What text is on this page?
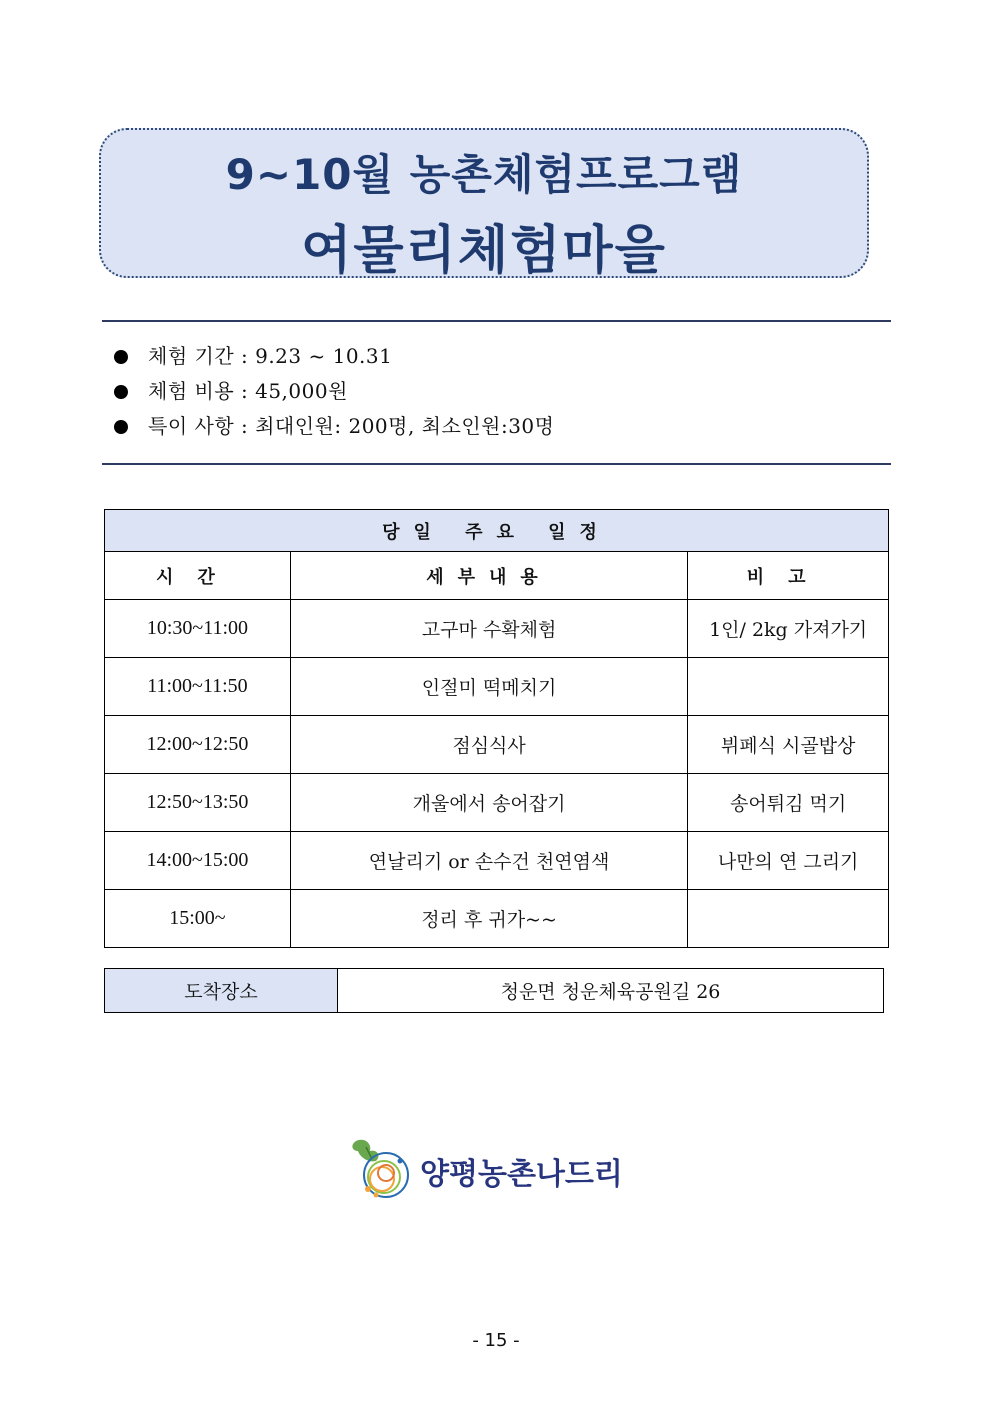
9~10월 농촌체험프로그램
여물리체험마을
체험 기간 : 9.23 ~ 10.31
체험 비용 : 45,000원
특이 사항 : 최대인원: 200명, 최소인원:30명
당일 주요 일정		
시간	세부내용	비고
10:30~11:00	고구마 수확체험	1인/ 2kg 가져가기
11:00~11:50	인절미 떡메치기	
12:00~12:50	점심식사	뷔페식 시골밥상
12:50~13:50	개울에서 송어잡기	송어튀김 먹기
14:00~15:00	연날리기 or 손수건 천연염색	나만의 연 그리기
15:00~	정리 후 귀가~~	
도착장소	청운면 청운체육공원길 26
양평농촌나드리
- 15 -
